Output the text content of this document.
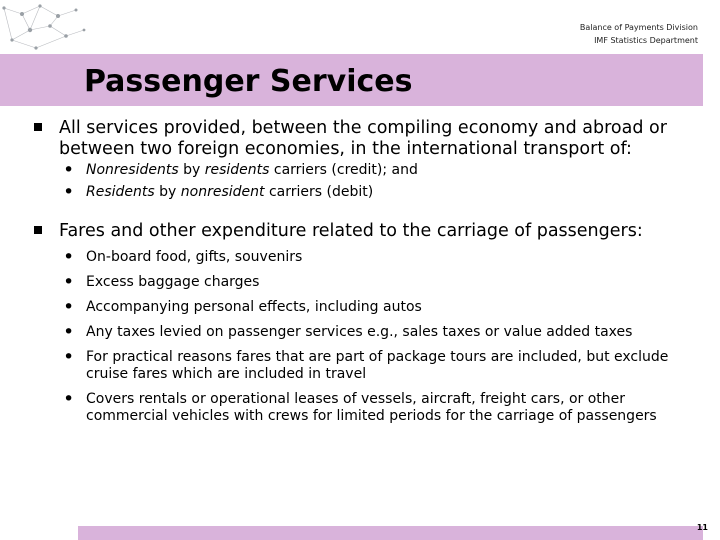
Balance of Payments Division
IMF Statistics Department
Passenger Services
All services provided, between the compiling economy and abroad or between two foreign economies, in the international transport of:
• Nonresidents by residents carriers (credit); and
• Residents by nonresident carriers (debit)
Fares and other expenditure related to the carriage of passengers:
• On-board food, gifts, souvenirs
• Excess baggage charges
• Accompanying personal effects, including autos
• Any taxes levied on passenger services e.g., sales taxes or value added taxes
• For practical reasons fares that are part of package tours are included, but exclude cruise fares which are included in travel
• Covers rentals or operational leases of vessels, aircraft, freight cars, or other commercial vehicles with crews for limited periods for the carriage of passengers
11
